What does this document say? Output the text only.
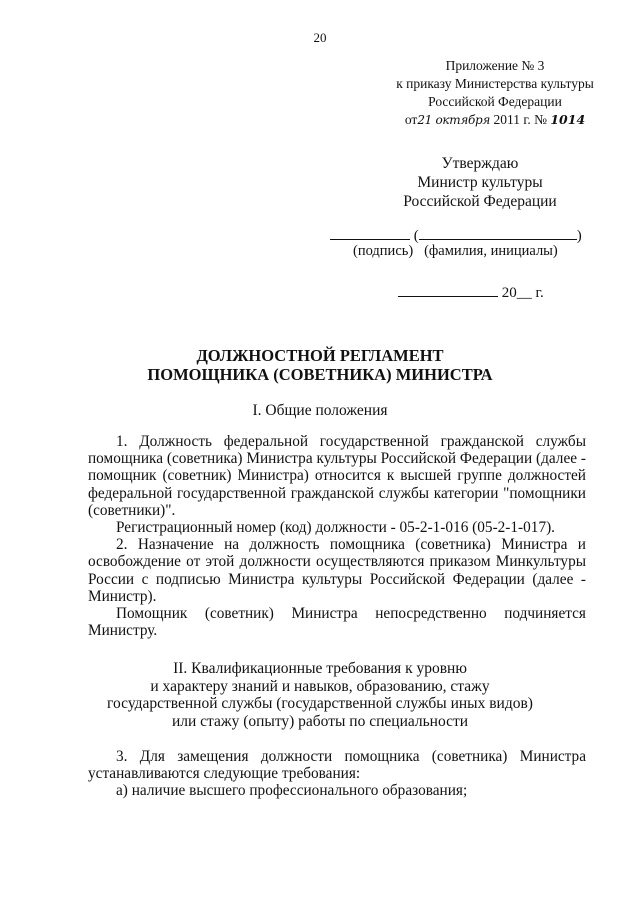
20
Приложение № 3
к приказу Министерства культуры
Российской Федерации
от21 октября 2011 г. № 1014
Утверждаю
Министр культуры
Российской Федерации
(	)
(подпись) (фамилия, инициалы)
20__ г.
ДОЛЖНОСТНОЙ РЕГЛАМЕНТ
ПОМОЩНИКА (СОВЕТНИКА) МИНИСТРА
I. Общие положения

1. Должность федеральной государственной гражданской службы помощника (советника) Министра культуры Российской Федерации (далее - помощник (советник) Министра) относится к высшей группе должностей федеральной государственной гражданской службы категории "помощники (советники)".

Регистрационный номер (код) должности - 05-2-1-016 (05-2-1-017).

2. Назначение на должность помощника (советника) Министра и освобождение от этой должности осуществляются приказом Минкультуры России с подписью Министра культуры Российской Федерации (далее - Министр).

Помощник (советник) Министра непосредственно подчиняется

Министру.

II. Квалификационные требования к уровню
и характеру знаний и навыков, образованию, стажу
государственной службы (государственной службы иных видов)
или стажу (опыту) работы по специальности

3. Для замещения должности помощника (советника) Министра устанавливаются следующие требования:

а) наличие высшего профессионального образования;
